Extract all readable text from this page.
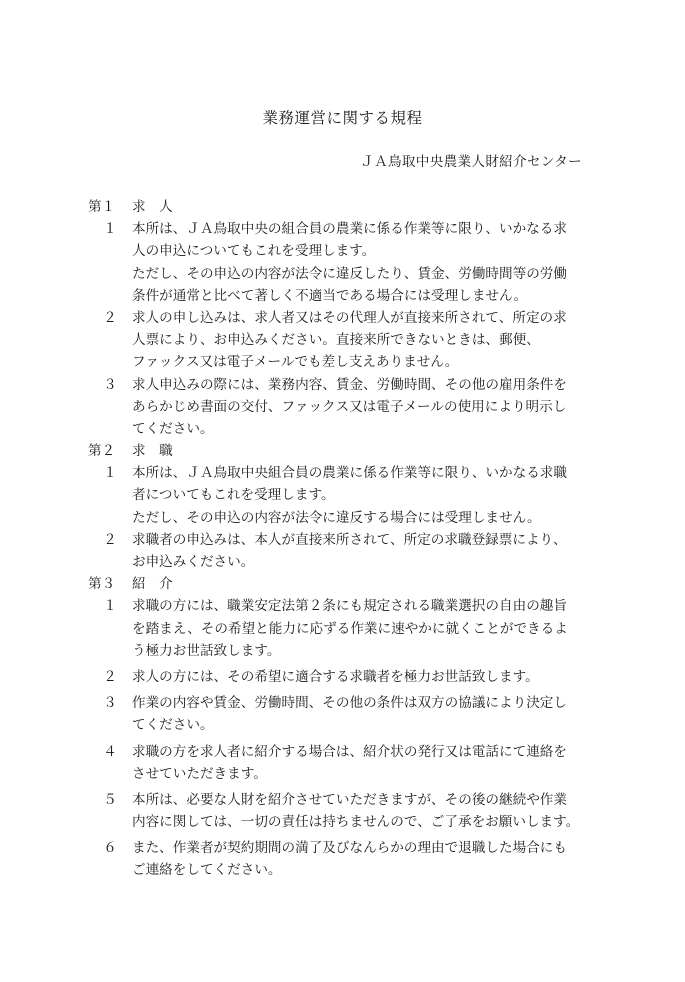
業務運営に関する規程
ＪＡ鳥取中央農業人財紹介センター
第１	求　人
１	本所は、ＪＡ鳥取中央の組合員の農業に係る作業等に限り、いかなる求
人の申込についてもこれを受理します。
ただし、その申込の内容が法令に違反したり、賃金、労働時間等の労働
条件が通常と比べて著しく不適当である場合には受理しません。
２	求人の申し込みは、求人者又はその代理人が直接来所されて、所定の求
人票により、お申込みください。直接来所できないときは、郵便、
ファックス又は電子メールでも差し支えありません。
３	求人申込みの際には、業務内容、賃金、労働時間、その他の雇用条件を
あらかじめ書面の交付、ファックス又は電子メールの使用により明示し
てください。
第２	求　職
１	本所は、ＪＡ鳥取中央組合員の農業に係る作業等に限り、いかなる求職
者についてもこれを受理します。
ただし、その申込の内容が法令に違反する場合には受理しません。
２	求職者の申込みは、本人が直接来所されて、所定の求職登録票により、
お申込みください。
第３	紹　介
１	求職の方には、職業安定法第２条にも規定される職業選択の自由の趣旨
を踏まえ、その希望と能力に応ずる作業に速やかに就くことができるよ
う極力お世話致します。
２	求人の方には、その希望に適合する求職者を極力お世話致します。
３	作業の内容や賃金、労働時間、その他の条件は双方の協議により決定し
てください。
４	求職の方を求人者に紹介する場合は、紹介状の発行又は電話にて連絡を
させていただきます。
５	本所は、必要な人財を紹介させていただきますが、その後の継続や作業
内容に関しては、一切の責任は持ちませんので、ご了承をお願いします。
６	また、作業者が契約期間の満了及びなんらかの理由で退職した場合にも
ご連絡をしてください。
